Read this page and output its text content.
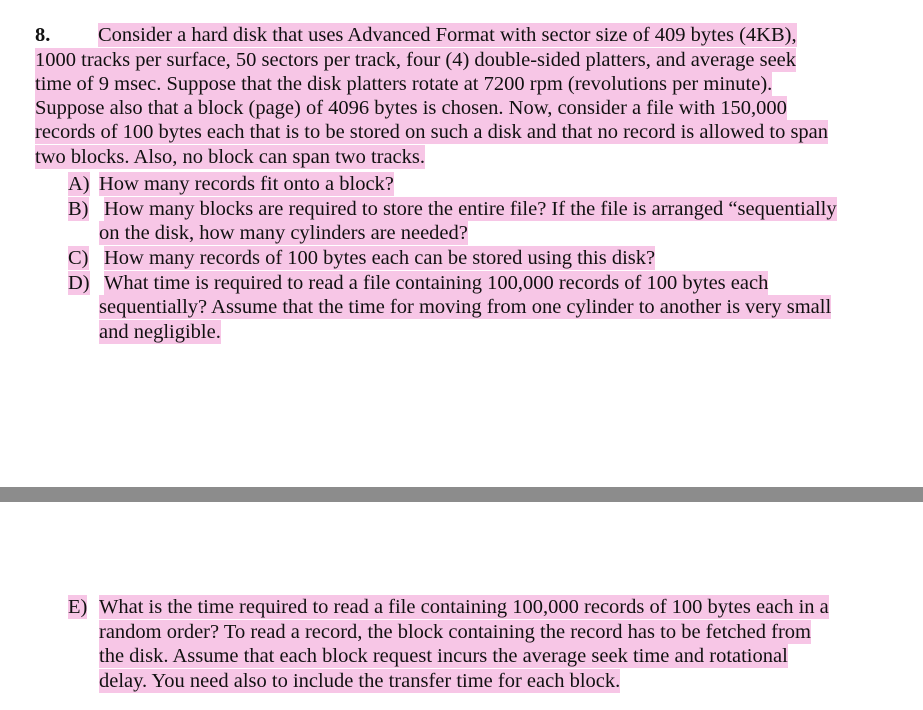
8. Consider a hard disk that uses Advanced Format with sector size of 409 bytes (4KB),
1000 tracks per surface, 50 sectors per track, four (4) double-sided platters, and average seek
time of 9 msec. Suppose that the disk platters rotate at 7200 rpm (revolutions per minute).
Suppose also that a block (page) of 4096 bytes is chosen. Now, consider a file with 150,000
records of 100 bytes each that is to be stored on such a disk and that no record is allowed to span
two blocks. Also, no block can span two tracks.
A) How many records fit onto a block?
B) How many blocks are required to store the entire file? If the file is arranged “sequentially
on the disk, how many cylinders are needed?
C) How many records of 100 bytes each can be stored using this disk?
D) What time is required to read a file containing 100,000 records of 100 bytes each
sequentially? Assume that the time for moving from one cylinder to another is very small
and negligible.
E) What is the time required to read a file containing 100,000 records of 100 bytes each in a
random order? To read a record, the block containing the record has to be fetched from
the disk. Assume that each block request incurs the average seek time and rotational
delay. You need also to include the transfer time for each block.
